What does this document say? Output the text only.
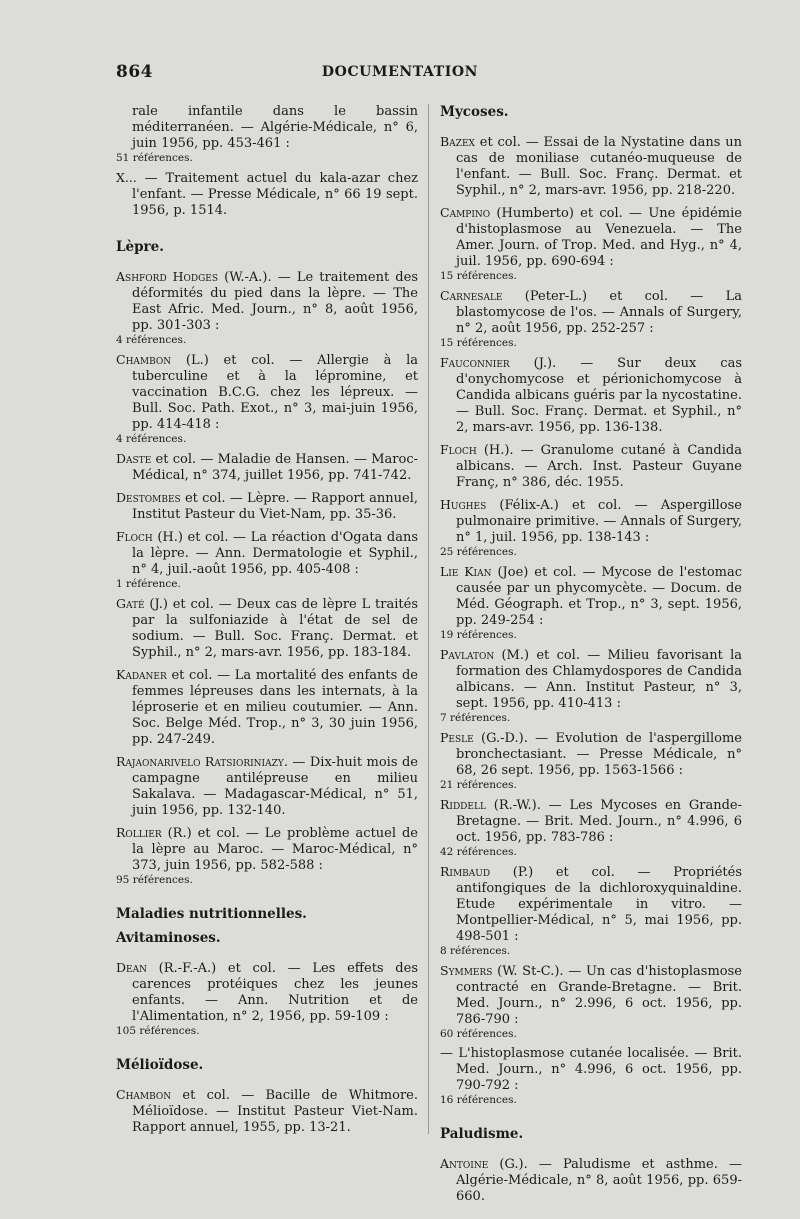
864	DOCUMENTATION
rale infantile dans le bassin méditerranéen. — Algérie-Médicale, n° 6, juin 1956, pp. 453-461 :
51 références.
X... — Traitement actuel du kala-azar chez l'enfant. — Presse Médicale, n° 66 19 sept. 1956, p. 1514.
Lèpre.
Ashford Hodges (W.-A.). — Le traitement des déformités du pied dans la lèpre. — The East Afric. Med. Journ., n° 8, août 1956, pp. 301-303 :
4 références.
Chambon (L.) et col. — Allergie à la tuberculine et à la lépromine, et vaccination B.C.G. chez les lépreux. — Bull. Soc. Path. Exot., n° 3, mai-juin 1956, pp. 414-418 :
4 références.
Daste et col. — Maladie de Hansen. — Maroc-Médical, n° 374, juillet 1956, pp. 741-742.
Destombes et col. — Lèpre. — Rapport annuel, Institut Pasteur du Viet-Nam, pp. 35-36.
Floch (H.) et col. — La réaction d'Ogata dans la lèpre. — Ann. Dermatologie et Syphil., n° 4, juil.-août 1956, pp. 405-408 :
1 référence.
Gaté (J.) et col. — Deux cas de lèpre L traités par la sulfoniazide à l'état de sel de sodium. — Bull. Soc. Franç. Dermat. et Syphil., n° 2, mars-avr. 1956, pp. 183-184.
Kadaner et col. — La mortalité des enfants de femmes lépreuses dans les internats, à la léproserie et en milieu coutumier. — Ann. Soc. Belge Méd. Trop., n° 3, 30 juin 1956, pp. 247-249.
Rajaonarivelo Ratsioriniazy. — Dix-huit mois de campagne antilépreuse en milieu Sakalava. — Madagascar-Médical, n° 51, juin 1956, pp. 132-140.
Rollier (R.) et col. — Le problème actuel de la lèpre au Maroc. — Maroc-Médical, n° 373, juin 1956, pp. 582-588 :
95 références.
Maladies nutritionnelles.
Avitaminoses.
Dean (R.-F.-A.) et col. — Les effets des carences protéiques chez les jeunes enfants. — Ann. Nutrition et de l'Alimentation, n° 2, 1956, pp. 59-109 :
105 références.
Mélioïdose.
Chambon et col. — Bacille de Whitmore. Mélioïdose. — Institut Pasteur Viet-Nam. Rapport annuel, 1955, pp. 13-21.
Mycoses.
Bazex et col. — Essai de la Nystatine dans un cas de moniliase cutanéo-muqueuse de l'enfant. — Bull. Soc. Franç. Dermat. et Syphil., n° 2, mars-avr. 1956, pp. 218-220.
Campino (Humberto) et col. — Une épidémie d'histoplasmose au Venezuela. — The Amer. Journ. of Trop. Med. and Hyg., n° 4, juil. 1956, pp. 690-694 :
15 références.
Carnesale (Peter-L.) et col. — La blastomycose de l'os. — Annals of Surgery, n° 2, août 1956, pp. 252-257 :
15 références.
Fauconnier (J.). — Sur deux cas d'onychomycose et périonichomycose à Candida albicans guéris par la nycostatine. — Bull. Soc. Franç. Dermat. et Syphil., n° 2, mars-avr. 1956, pp. 136-138.
Floch (H.). — Granulome cutané à Candida albicans. — Arch. Inst. Pasteur Guyane Franç, n° 386, déc. 1955.
Hughes (Félix-A.) et col. — Aspergillose pulmonaire primitive. — Annals of Surgery, n° 1, juil. 1956, pp. 138-143 :
25 références.
Lie Kian (Joe) et col. — Mycose de l'estomac causée par un phycomycète. — Docum. de Méd. Géograph. et Trop., n° 3, sept. 1956, pp. 249-254 :
19 références.
Pavlaton (M.) et col. — Milieu favorisant la formation des Chlamydospores de Candida albicans. — Ann. Institut Pasteur, n° 3, sept. 1956, pp. 410-413 :
7 références.
Pesle (G.-D.). — Evolution de l'aspergillome bronchectasiant. — Presse Médicale, n° 68, 26 sept. 1956, pp. 1563-1566 :
21 références.
Riddell (R.-W.). — Les Mycoses en Grande-Bretagne. — Brit. Med. Journ., n° 4.996, 6 oct. 1956, pp. 783-786 :
42 références.
Rimbaud (P.) et col. — Propriétés antifongiques de la dichloroxyquinaldine. Etude expérimentale in vitro. — Montpellier-Médical, n° 5, mai 1956, pp. 498-501 :
8 références.
Symmers (W. St-C.). — Un cas d'histoplasmose contracté en Grande-Bretagne. — Brit. Med. Journ., n° 2.996, 6 oct. 1956, pp. 786-790 :
60 références.
— L'histoplasmose cutanée localisée. — Brit. Med. Journ., n° 4.996, 6 oct. 1956, pp. 790-792 :
16 références.
Paludisme.
Antoine (G.). — Paludisme et asthme. — Algérie-Médicale, n° 8, août 1956, pp. 659-660.
